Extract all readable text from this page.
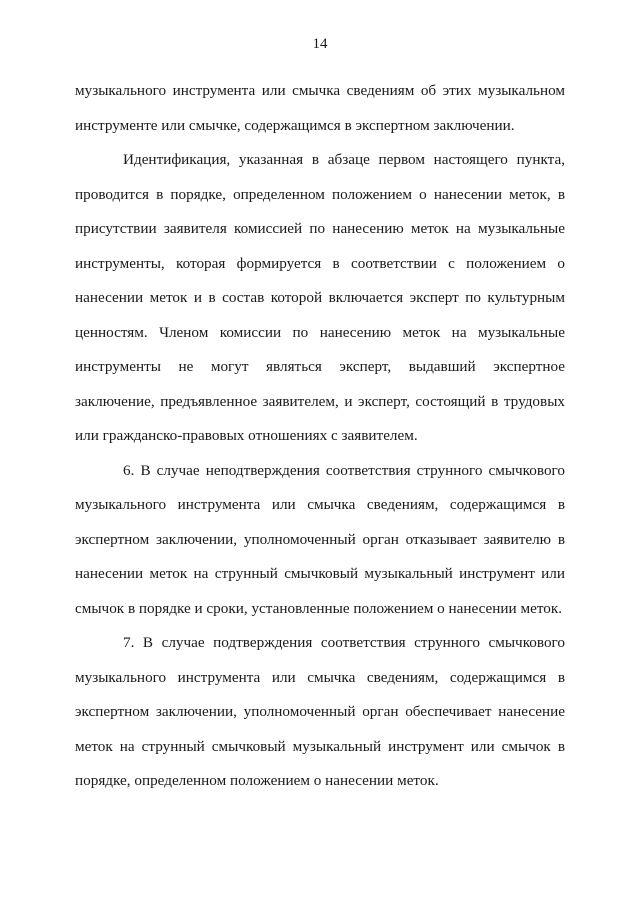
14

музыкального инструмента или смычка сведениям об этих музыкальном инструменте или смычке, содержащимся в экспертном заключении.

Идентификация, указанная в абзаце первом настоящего пункта, проводится в порядке, определенном положением о нанесении меток, в присутствии заявителя комиссией по нанесению меток на музыкальные инструменты, которая формируется в соответствии с положением о нанесении меток и в состав которой включается эксперт по культурным ценностям. Членом комиссии по нанесению меток на музыкальные инструменты не могут являться эксперт, выдавший экспертное заключение, предъявленное заявителем, и эксперт, состоящий в трудовых или гражданско-правовых отношениях с заявителем.

6. В случае неподтверждения соответствия струнного смычкового музыкального инструмента или смычка сведениям, содержащимся в экспертном заключении, уполномоченный орган отказывает заявителю в нанесении меток на струнный смычковый музыкальный инструмент или смычок в порядке и сроки, установленные положением о нанесении меток.

7. В случае подтверждения соответствия струнного смычкового музыкального инструмента или смычка сведениям, содержащимся в экспертном заключении, уполномоченный орган обеспечивает нанесение меток на струнный смычковый музыкальный инструмент или смычок в порядке, определенном положением о нанесении меток.
